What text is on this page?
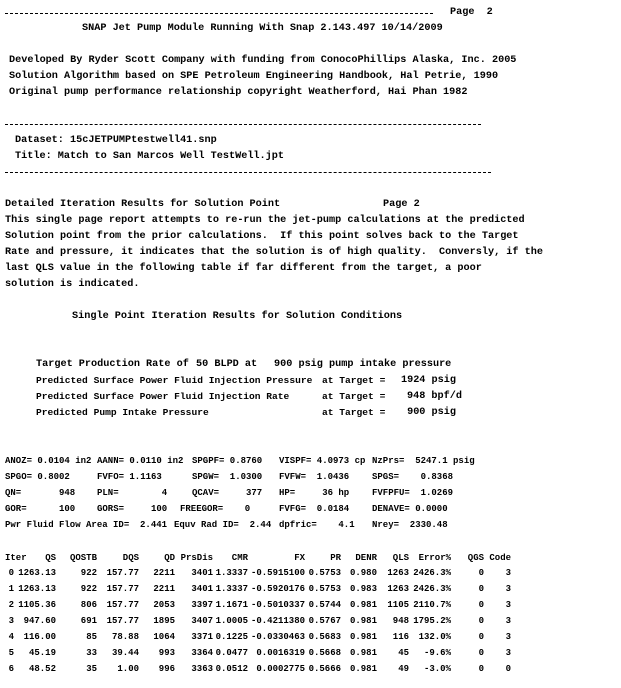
Page  2
SNAP Jet Pump Module Running With Snap 2.143.497 10/14/2009
Developed By Ryder Scott Company with funding from ConocoPhillips Alaska, Inc. 2005
Solution Algorithm based on SPE Petroleum Engineering Handbook, Hal Petrie, 1990
Original pump performance relationship copyright Weatherford, Hai Phan 1982
Dataset: 15cJETPUMPtestwell41.snp
Title: Match to San Marcos Well TestWell.jpt
Detailed Iteration Results for Solution Point	Page 2
This single page report attempts to re-run the jet-pump calculations at the predicted
Solution point from the prior calculations.  If this point solves back to the Target
Rate and pressure, it indicates that the solution is of high quality.  Conversly, if the
last QLS value in the following table if far different from the target, a poor
solution is indicated.
Single Point Iteration Results for Solution Conditions
Target Production Rate of 50 BLPD at 900 psig pump intake pressure
Predicted Surface Power Fluid Injection Pressure at Target =	1924 psig
Predicted Surface Power Fluid Injection Rate	at Target =	948 bpf/d
Predicted Pump Intake Pressure	at Target =	900 psig
ANOZ= 0.0104 in2 AANN= 0.0110 in2 SPGPF= 0.8760 VISPF= 4.0973 cp NzPrs=  5247.1 psig
SPGO= 0.8002	FVFO= 1.1163	SPGW=  1.0300 FVFW=  1.0436	SPGS=    0.8368
QN=       948 PLN=        4	QCAV=     377 HP=     36 hp	FVFPFU=  1.0269
GOR=      100 GORS=     100 FREEGOR=    0	FVFG=  0.0184	DENAVE= 0.0000
Pwr Fluid Flow Area ID=  2.441 Equv Rad ID=  2.44 dpfric=    4.1 Nrey=  2330.48
Iter	QS	QOSTB	DQS	QD PrsDis	CMR	FX	PR	DENR	QLS	Error%	QGS Code
0 1263.13	922	157.77	2211	3401 1.3337 -0.5915100 0.5753 0.980	1263 2426.3%	0	3
1 1263.13	922	157.77	2211	3401 1.3337 -0.5920176 0.5753 0.983	1263 2426.3%	0	3
2 1105.36	806	157.77	2053	3397 1.1671 -0.5010337 0.5744 0.981	1105 2110.7%	0	3
3	947.60	691	157.77	1895	3407 1.0005 -0.4211380 0.5767 0.981	948 1795.2%	0	3
4	116.00	85	78.88	1064	3371 0.1225 -0.0330463 0.5683 0.981	116	132.0%	0	3
5	45.19	33	39.44	993	3364 0.0477 0.0016319 0.5668 0.981	45	-9.6%	0	3
6	48.52	35	1.00	996	3363 0.0512 0.0002775 0.5666 0.981	49	-3.0%	0	0
